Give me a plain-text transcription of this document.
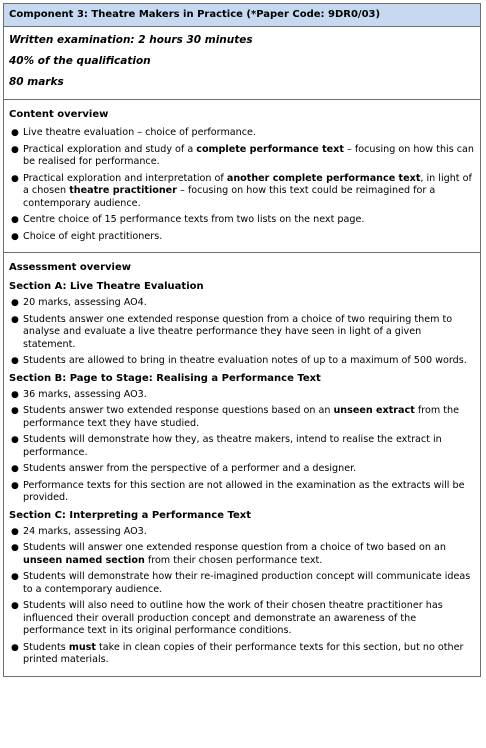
Component 3: Theatre Makers in Practice (*Paper Code: 9DR0/03)

Written examination: 2 hours 30 minutes

40% of the qualification

80 marks

Content overview
● Live theatre evaluation – choice of performance.
● Practical exploration and study of a complete performance text – focusing on how this can be realised for performance.
● Practical exploration and interpretation of another complete performance text, in light of a chosen theatre practitioner – focusing on how this text could be reimagined for a contemporary audience.
● Centre choice of 15 performance texts from two lists on the next page.
● Choice of eight practitioners.
Assessment overview
Section A: Live Theatre Evaluation
● 20 marks, assessing AO4.
● Students answer one extended response question from a choice of two requiring them to analyse and evaluate a live theatre performance they have seen in light of a given statement.
● Students are allowed to bring in theatre evaluation notes of up to a maximum of 500 words.
Section B: Page to Stage: Realising a Performance Text
● 36 marks, assessing AO3.
● Students answer two extended response questions based on an unseen extract from the performance text they have studied.
● Students will demonstrate how they, as theatre makers, intend to realise the extract in performance.
● Students answer from the perspective of a performer and a designer.
● Performance texts for this section are not allowed in the examination as the extracts will be provided.
Section C: Interpreting a Performance Text
● 24 marks, assessing AO3.
● Students will answer one extended response question from a choice of two based on an unseen named section from their chosen performance text.
● Students will demonstrate how their re-imagined production concept will communicate ideas to a contemporary audience.
● Students will also need to outline how the work of their chosen theatre practitioner has influenced their overall production concept and demonstrate an awareness of the performance text in its original performance conditions.
● Students must take in clean copies of their performance texts for this section, but no other printed materials.
